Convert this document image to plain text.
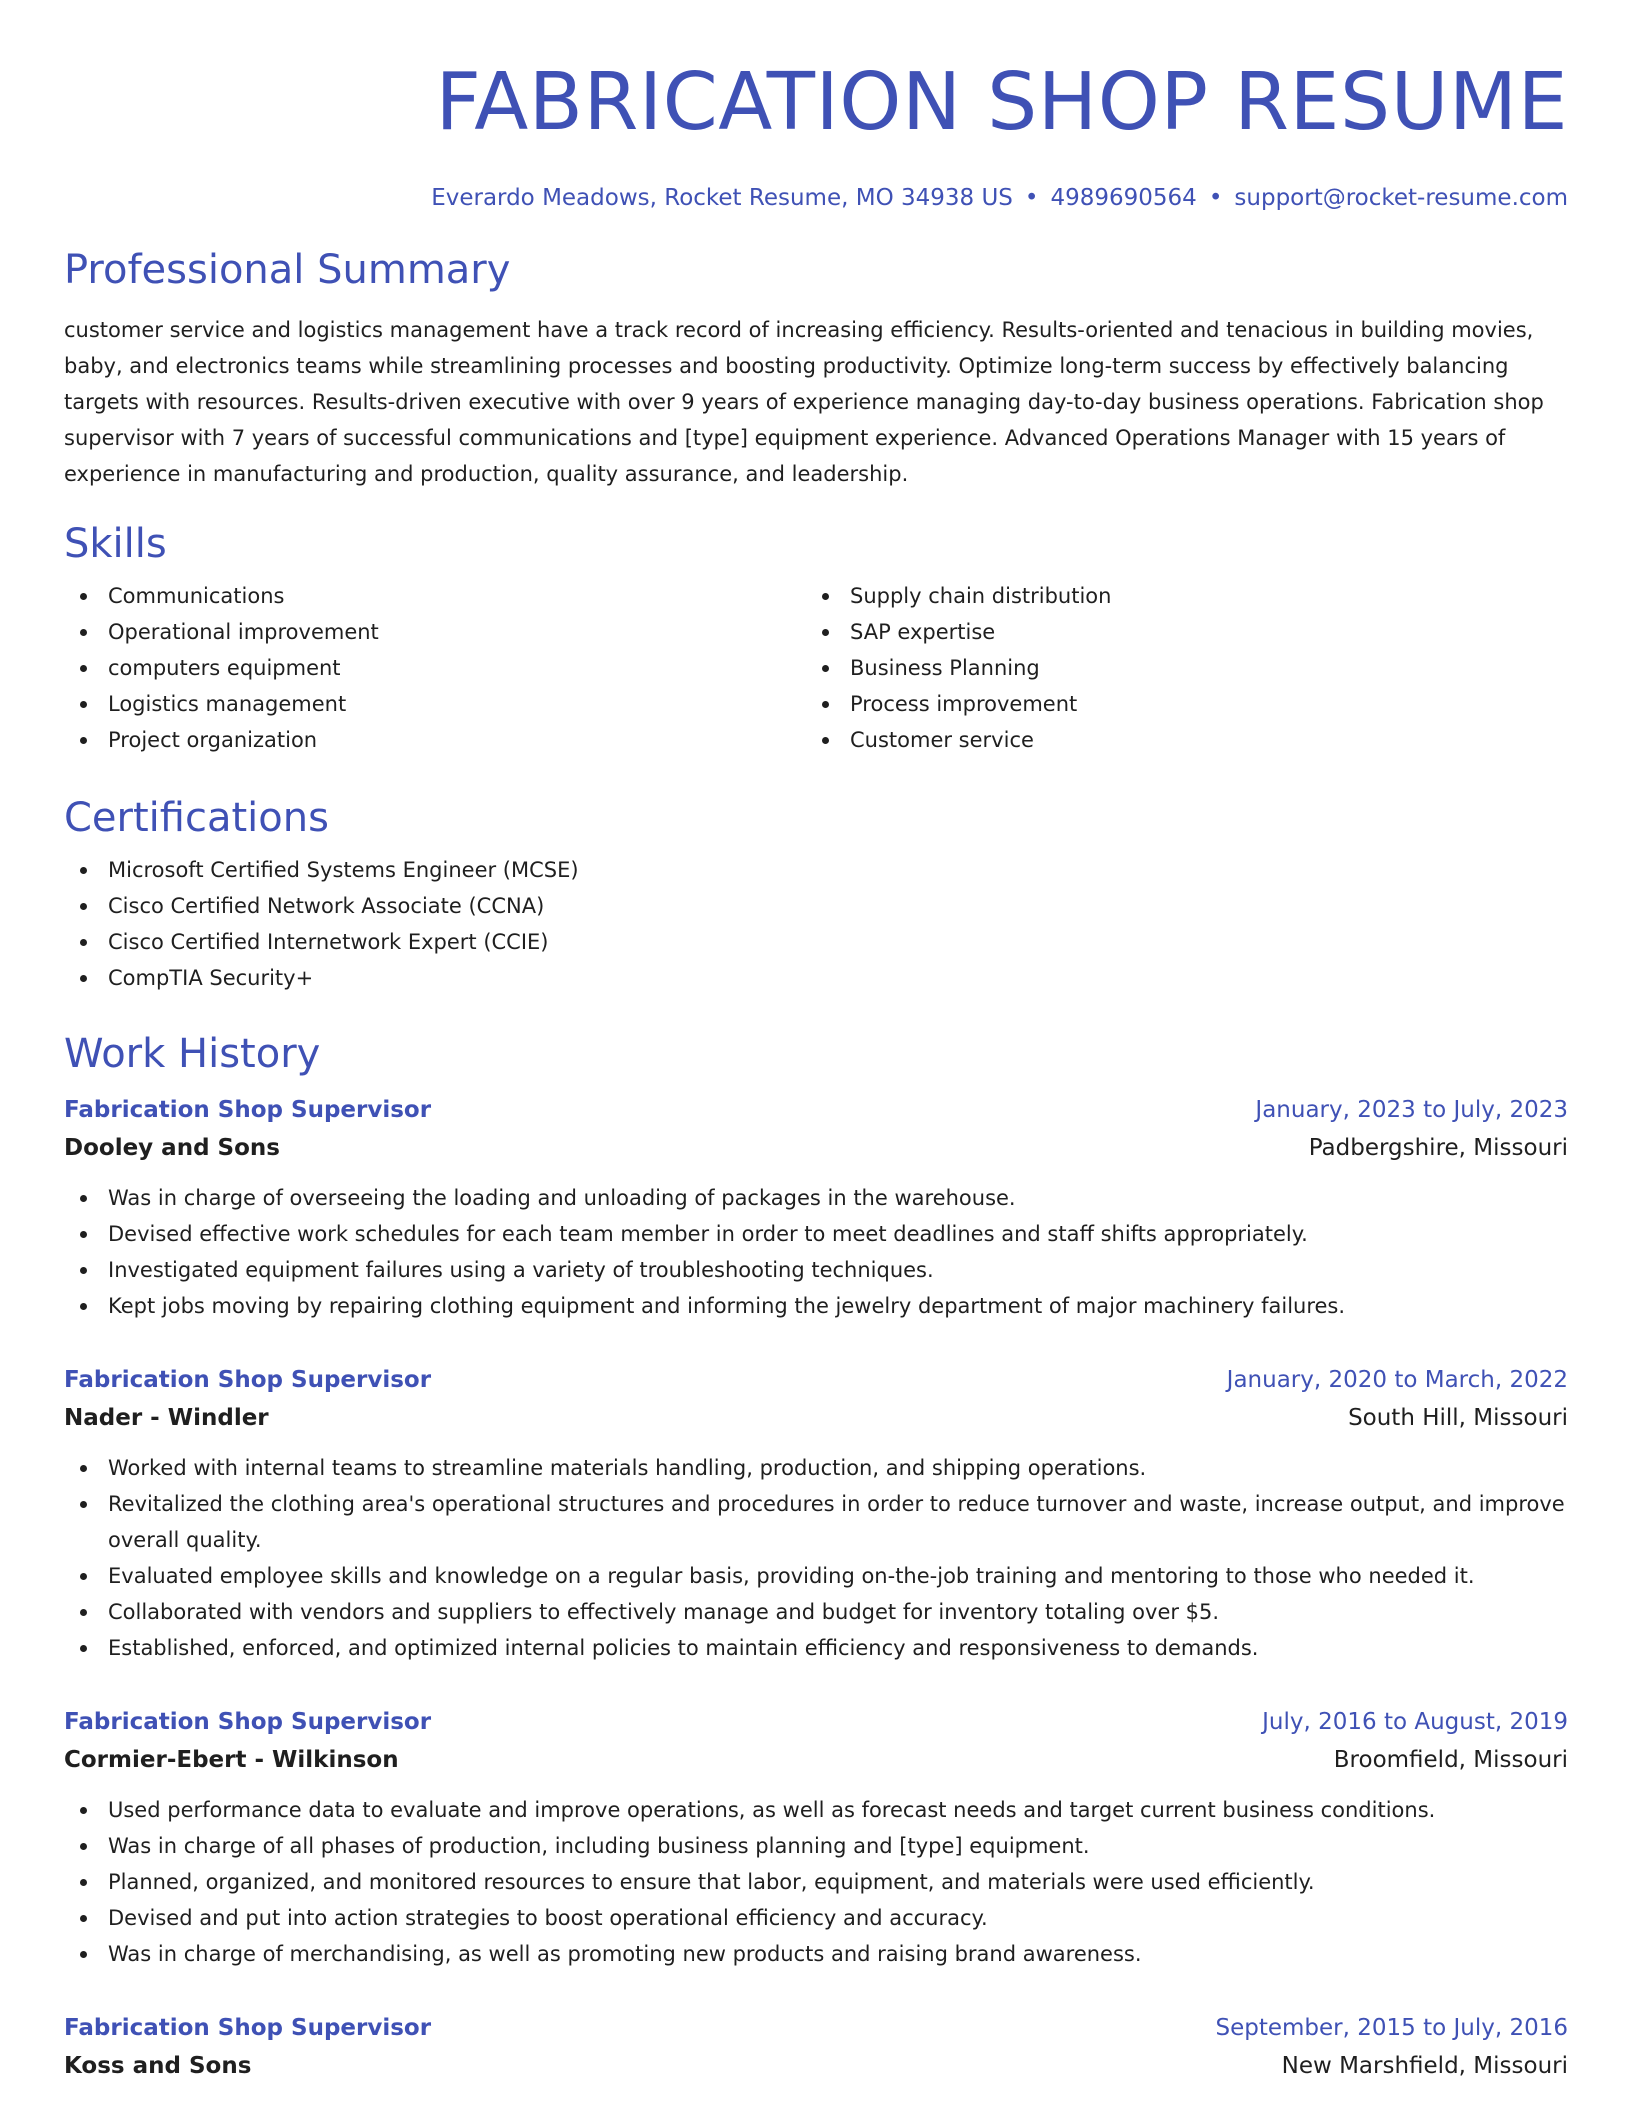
FABRICATION SHOP RESUME
Everardo Meadows, Rocket Resume, MO 34938 US • 4989690564 • support@rocket-resume.com
Professional Summary
customer service and logistics management have a track record of increasing efficiency. Results-oriented and tenacious in building movies, baby, and electronics teams while streamlining processes and boosting productivity. Optimize long-term success by effectively balancing targets with resources. Results-driven executive with over 9 years of experience managing day-to-day business operations. Fabrication shop supervisor with 7 years of successful communications and [type] equipment experience. Advanced Operations Manager with 15 years of experience in manufacturing and production, quality assurance, and leadership.
Skills
Communications
Operational improvement
computers equipment
Logistics management
Project organization
Supply chain distribution
SAP expertise
Business Planning
Process improvement
Customer service
Certifications
Microsoft Certified Systems Engineer (MCSE)
Cisco Certified Network Associate (CCNA)
Cisco Certified Internetwork Expert (CCIE)
CompTIA Security+
Work History
Fabrication Shop Supervisor	January, 2023 to July, 2023
Dooley and Sons	Padbergshire, Missouri
Was in charge of overseeing the loading and unloading of packages in the warehouse.
Devised effective work schedules for each team member in order to meet deadlines and staff shifts appropriately.
Investigated equipment failures using a variety of troubleshooting techniques.
Kept jobs moving by repairing clothing equipment and informing the jewelry department of major machinery failures.
Fabrication Shop Supervisor	January, 2020 to March, 2022
Nader - Windler	South Hill, Missouri
Worked with internal teams to streamline materials handling, production, and shipping operations.
Revitalized the clothing area's operational structures and procedures in order to reduce turnover and waste, increase output, and improve overall quality.
Evaluated employee skills and knowledge on a regular basis, providing on-the-job training and mentoring to those who needed it.
Collaborated with vendors and suppliers to effectively manage and budget for inventory totaling over $5.
Established, enforced, and optimized internal policies to maintain efficiency and responsiveness to demands.
Fabrication Shop Supervisor	July, 2016 to August, 2019
Cormier-Ebert - Wilkinson	Broomfield, Missouri
Used performance data to evaluate and improve operations, as well as forecast needs and target current business conditions.
Was in charge of all phases of production, including business planning and [type] equipment.
Planned, organized, and monitored resources to ensure that labor, equipment, and materials were used efficiently.
Devised and put into action strategies to boost operational efficiency and accuracy.
Was in charge of merchandising, as well as promoting new products and raising brand awareness.
Fabrication Shop Supervisor	September, 2015 to July, 2016
Koss and Sons	New Marshfield, Missouri
